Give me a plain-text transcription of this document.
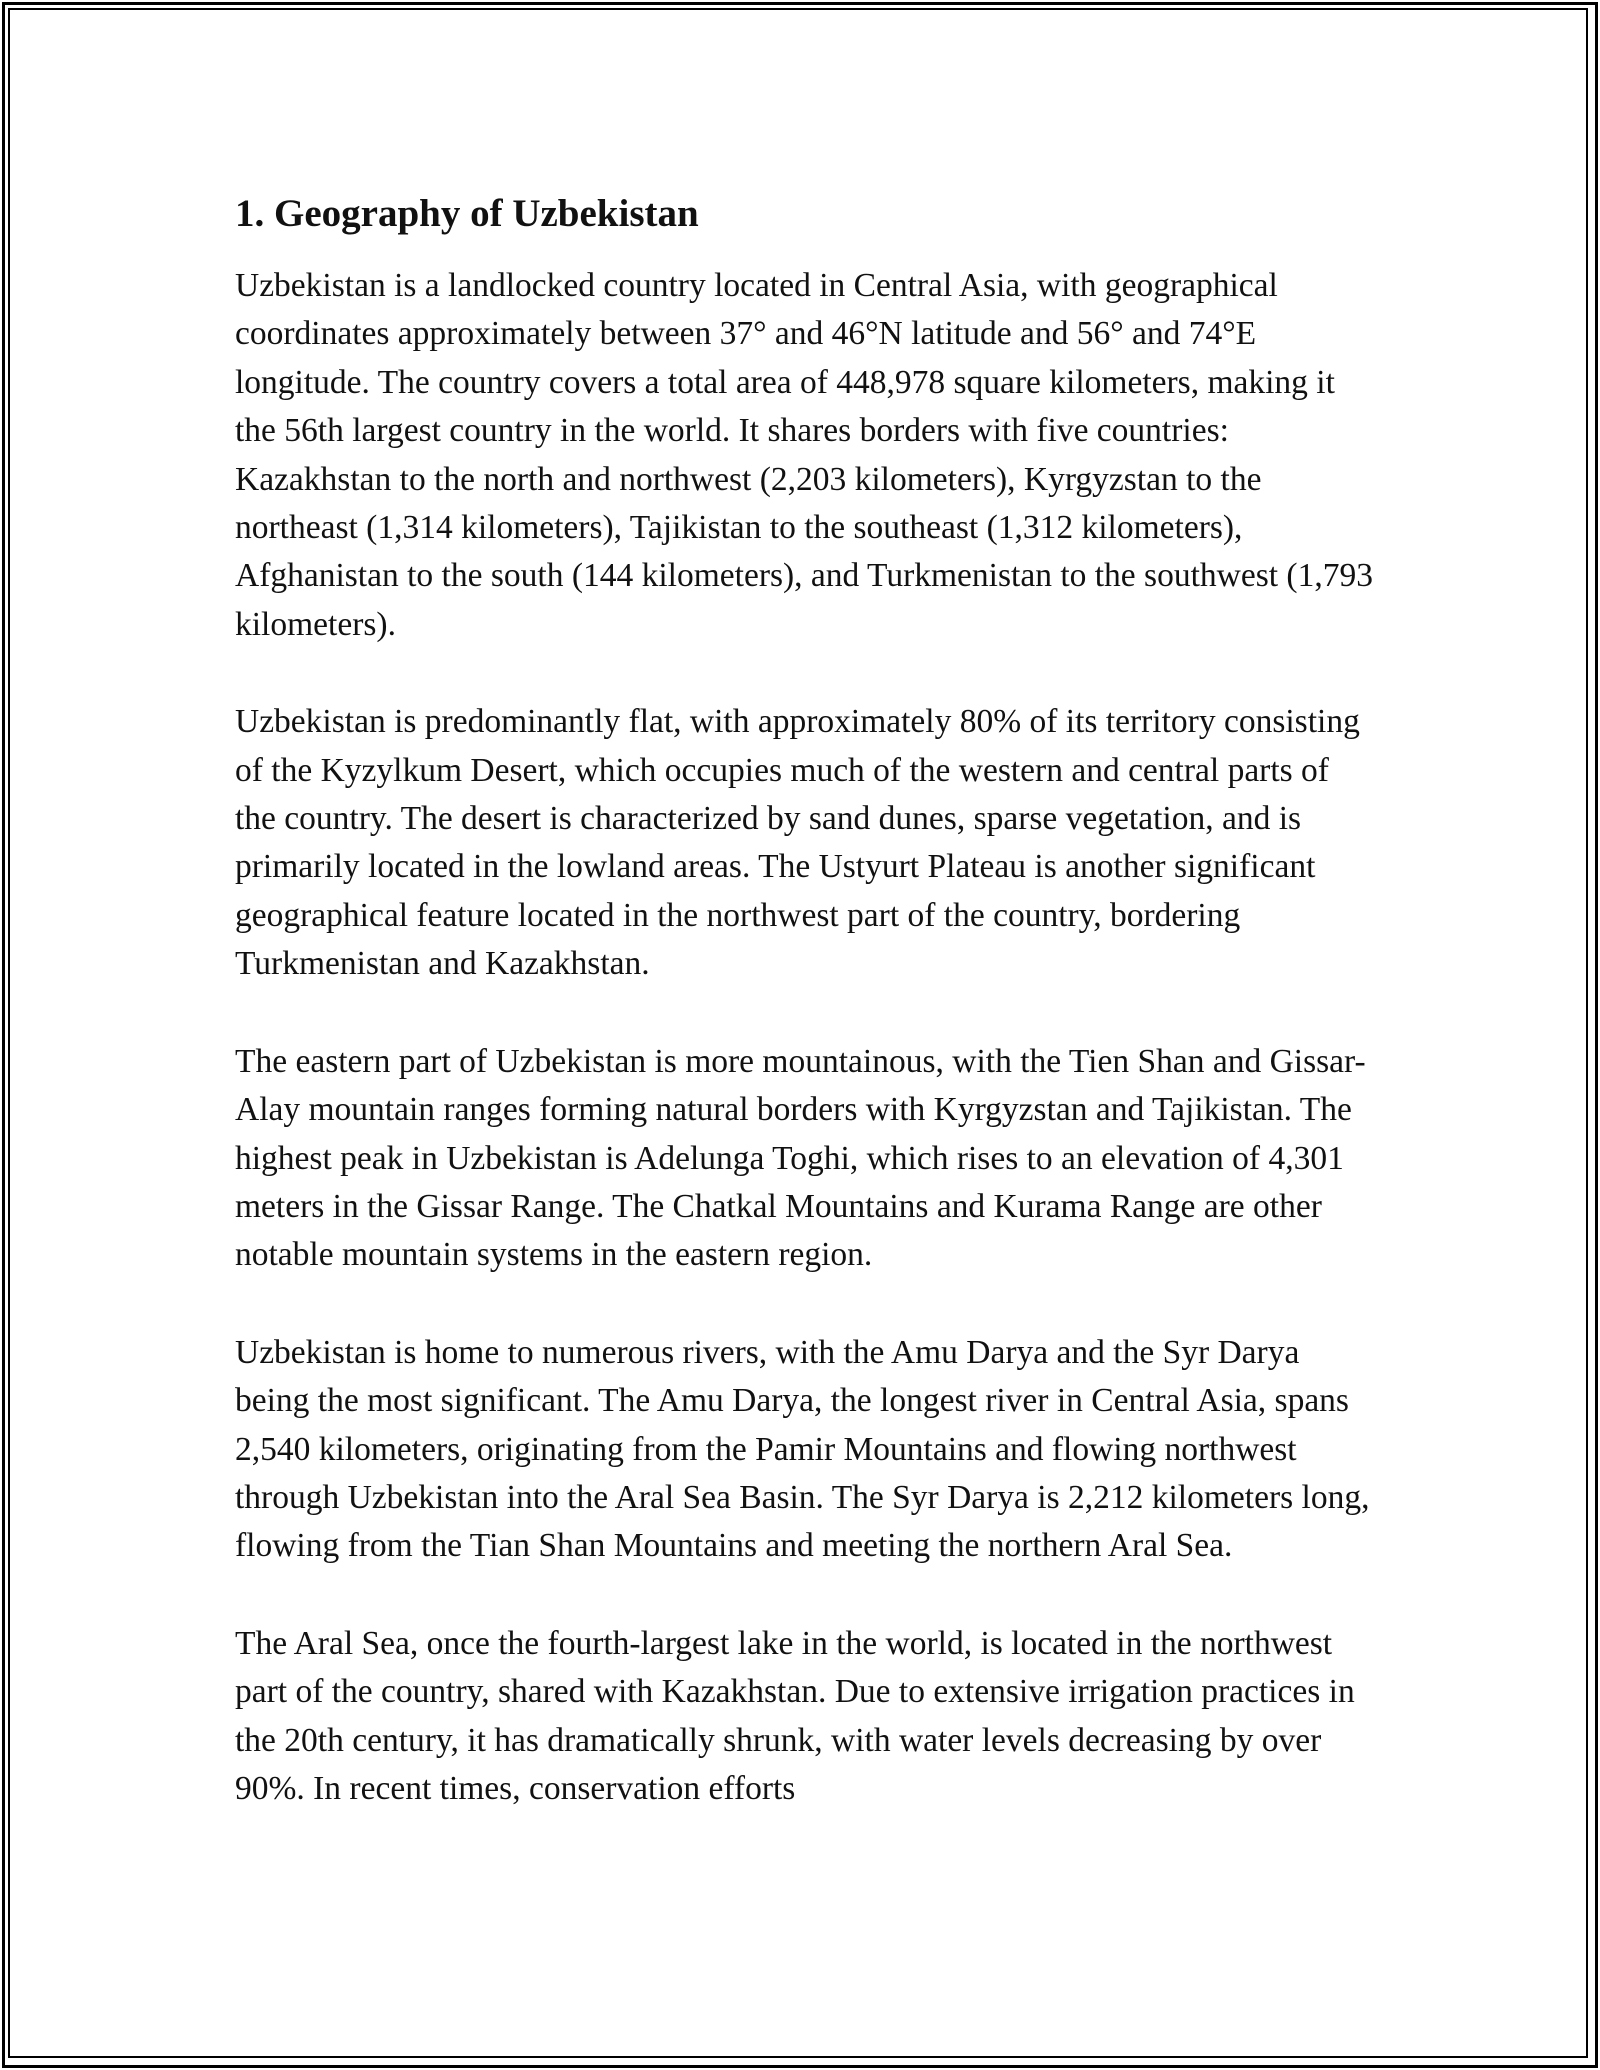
1. Geography of Uzbekistan

Uzbekistan is a landlocked country located in Central Asia, with geographical coordinates approximately between 37° and 46°N latitude and 56° and 74°E longitude. The country covers a total area of 448,978 square kilometers, making it the 56th largest country in the world. It shares borders with five countries: Kazakhstan to the north and northwest (2,203 kilometers), Kyrgyzstan to the northeast (1,314 kilometers), Tajikistan to the southeast (1,312 kilometers), Afghanistan to the south (144 kilometers), and Turkmenistan to the southwest (1,793 kilometers).

Uzbekistan is predominantly flat, with approximately 80% of its territory consisting of the Kyzylkum Desert, which occupies much of the western and central parts of the country. The desert is characterized by sand dunes, sparse vegetation, and is primarily located in the lowland areas. The Ustyurt Plateau is another significant geographical feature located in the northwest part of the country, bordering Turkmenistan and Kazakhstan.

The eastern part of Uzbekistan is more mountainous, with the Tien Shan and Gissar-Alay mountain ranges forming natural borders with Kyrgyzstan and Tajikistan. The highest peak in Uzbekistan is Adelunga Toghi, which rises to an elevation of 4,301 meters in the Gissar Range. The Chatkal Mountains and Kurama Range are other notable mountain systems in the eastern region.

Uzbekistan is home to numerous rivers, with the Amu Darya and the Syr Darya being the most significant. The Amu Darya, the longest river in Central Asia, spans 2,540 kilometers, originating from the Pamir Mountains and flowing northwest through Uzbekistan into the Aral Sea Basin. The Syr Darya is 2,212 kilometers long, flowing from the Tian Shan Mountains and meeting the northern Aral Sea.

The Aral Sea, once the fourth-largest lake in the world, is located in the northwest part of the country, shared with Kazakhstan. Due to extensive irrigation practices in the 20th century, it has dramatically shrunk, with water levels decreasing by over 90%. In recent times, conservation efforts
